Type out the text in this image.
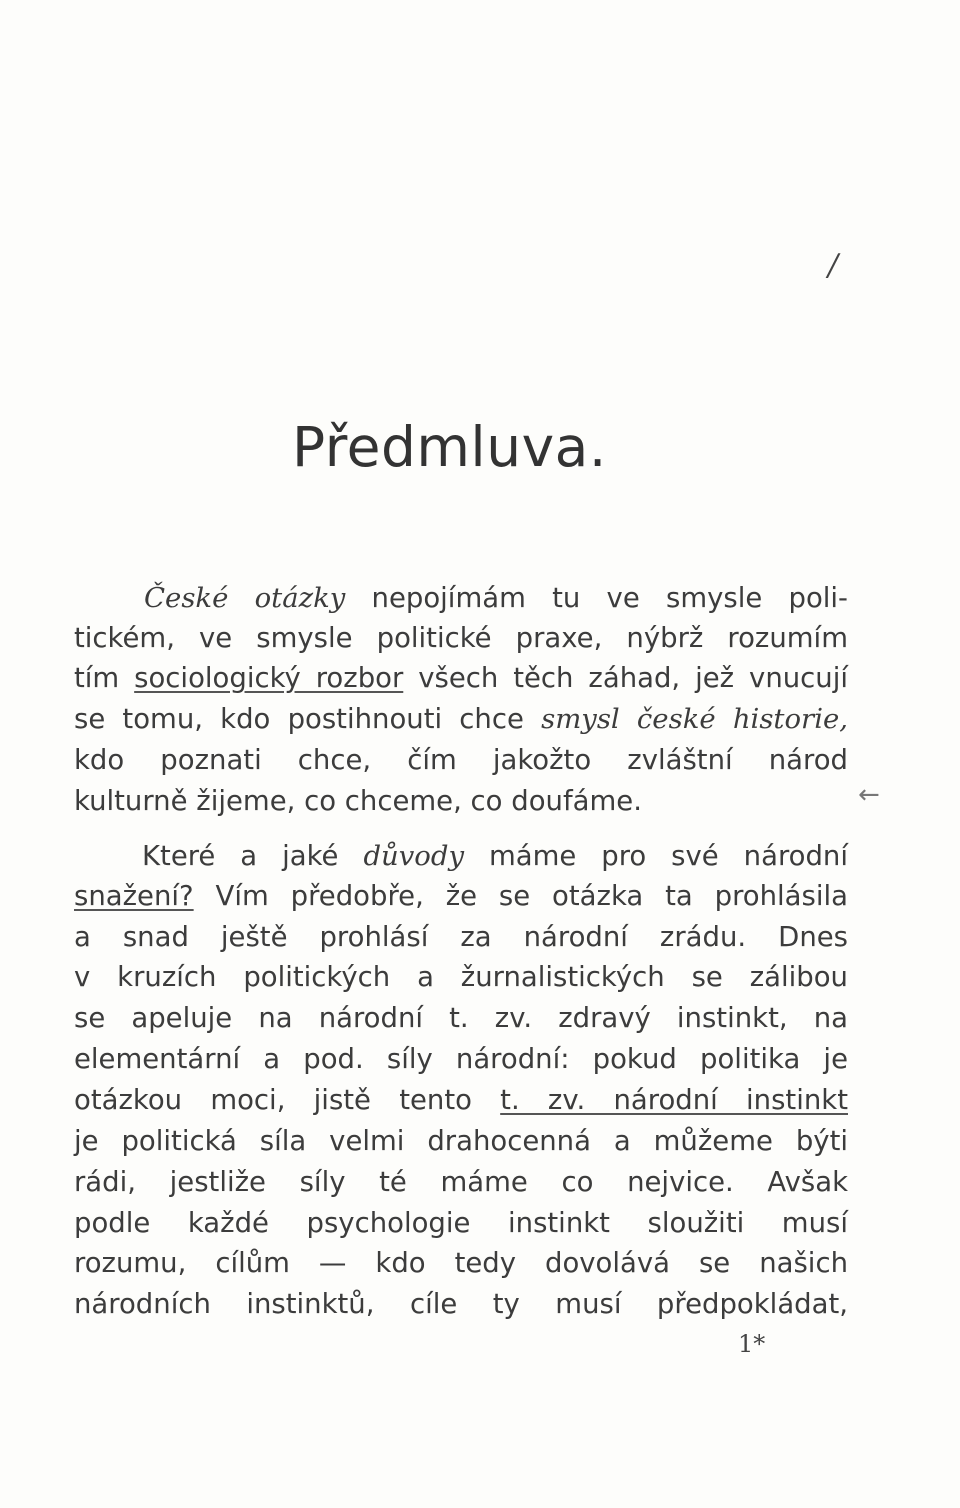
/
Předmluva.
České otázky nepojímám tu ve smysle poli-
tickém, ve smysle politické praxe, nýbrž rozumím
tím sociologický rozbor všech těch záhad, jež vnucují
se tomu, kdo postihnouti chce smysl české historie,
kdo poznati chce, čím jakožto zvláštní národ
kulturně žijeme, co chceme, co doufáme.
Které a jaké důvody máme pro své národní
snažení? Vím předobře, že se otázka ta prohlásila
a snad ještě prohlásí za národní zrádu. Dnes
v kruzích politických a žurnalistických se zálibou
se apeluje na národní t. zv. zdravý instinkt, na
elementární a pod. síly národní: pokud politika je
otázkou moci, jistě tento t. zv. národní instinkt
je politická síla velmi drahocenná a můžeme býti
rádi, jestliže síly té máme co nejvice. Avšak
podle každé psychologie instinkt sloužiti musí
rozumu, cílům — kdo tedy dovolává se našich
národních instinktů, cíle ty musí předpokládat,
←
1*
